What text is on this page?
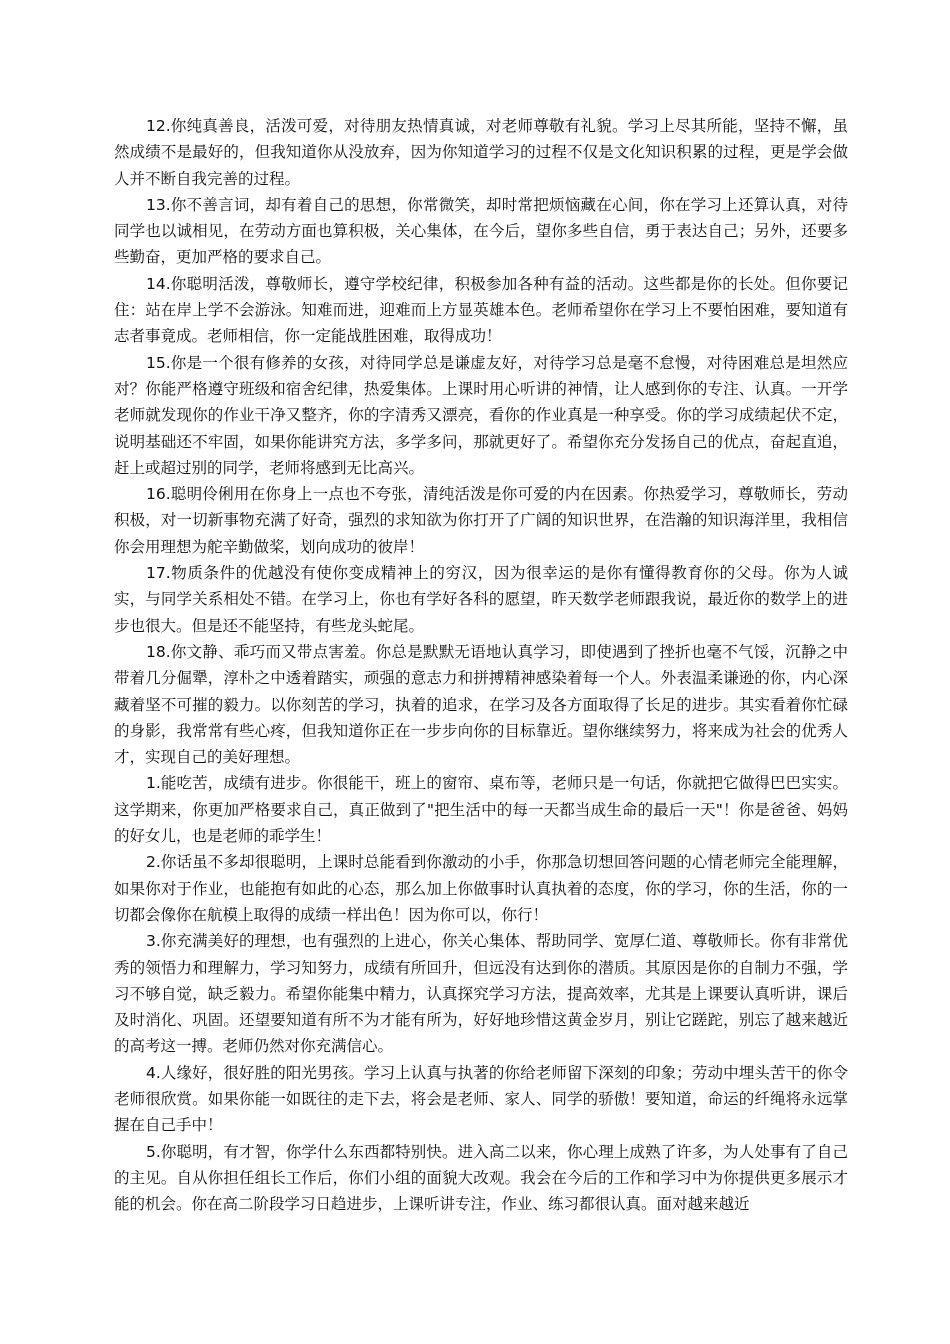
12.你纯真善良，活泼可爱，对待朋友热情真诚，对老师尊敬有礼貌。学习上尽其所能，坚持不懈，虽然成绩不是最好的，但我知道你从没放弃，因为你知道学习的过程不仅是文化知识积累的过程，更是学会做人并不断自我完善的过程。

13.你不善言词，却有着自己的思想，你常微笑，却时常把烦恼藏在心间，你在学习上还算认真，对待同学也以诚相见，在劳动方面也算积极，关心集体，在今后，望你多些自信，勇于表达自己；另外，还要多些勤奋，更加严格的要求自己。

14.你聪明活泼，尊敬师长，遵守学校纪律，积极参加各种有益的活动。这些都是你的长处。但你要记住：站在岸上学不会游泳。知难而进，迎难而上方显英雄本色。老师希望你在学习上不要怕困难，要知道有志者事竟成。老师相信，你一定能战胜困难，取得成功！

15.你是一个很有修养的女孩，对待同学总是谦虚友好，对待学习总是毫不怠慢，对待困难总是坦然应对？你能严格遵守班级和宿舍纪律，热爱集体。上课时用心听讲的神情，让人感到你的专注、认真。一开学老师就发现你的作业干净又整齐，你的字清秀又漂亮，看你的作业真是一种享受。你的学习成绩起伏不定，说明基础还不牢固，如果你能讲究方法，多学多问，那就更好了。希望你充分发扬自己的优点，奋起直追，赶上或超过别的同学，老师将感到无比高兴。

16.聪明伶俐用在你身上一点也不夸张，清纯活泼是你可爱的内在因素。你热爱学习，尊敬师长，劳动积极，对一切新事物充满了好奇，强烈的求知欲为你打开了广阔的知识世界，在浩瀚的知识海洋里，我相信你会用理想为舵辛勤做桨，划向成功的彼岸！

17.物质条件的优越没有使你变成精神上的穷汉，因为很幸运的是你有懂得教育你的父母。你为人诚实，与同学关系相处不错。在学习上，你也有学好各科的愿望，昨天数学老师跟我说，最近你的数学上的进步也很大。但是还不能坚持，有些龙头蛇尾。

18.你文静、乖巧而又带点害羞。你总是默默无语地认真学习，即使遇到了挫折也毫不气馁，沉静之中带着几分倔犟，淳朴之中透着踏实，顽强的意志力和拼搏精神感染着每一个人。外表温柔谦逊的你，内心深藏着坚不可摧的毅力。以你刻苦的学习，执着的追求，在学习及各方面取得了长足的进步。其实看着你忙碌的身影，我常常有些心疼，但我知道你正在一步步向你的目标靠近。望你继续努力，将来成为社会的优秀人才，实现自己的美好理想。

1.能吃苦，成绩有进步。你很能干，班上的窗帘、桌布等，老师只是一句话，你就把它做得巴巴实实。这学期来，你更加严格要求自己，真正做到了"把生活中的每一天都当成生命的最后一天"！你是爸爸、妈妈的好女儿，也是老师的乖学生！

2.你话虽不多却很聪明，上课时总能看到你激动的小手，你那急切想回答问题的心情老师完全能理解，如果你对于作业，也能抱有如此的心态，那么加上你做事时认真执着的态度，你的学习，你的生活，你的一切都会像你在航模上取得的成绩一样出色！因为你可以，你行！

3.你充满美好的理想，也有强烈的上进心，你关心集体、帮助同学、宽厚仁道、尊敬师长。你有非常优秀的领悟力和理解力，学习知努力，成绩有所回升，但远没有达到你的潜质。其原因是你的自制力不强，学习不够自觉，缺乏毅力。希望你能集中精力，认真探究学习方法，提高效率，尤其是上课要认真听讲，课后及时消化、巩固。还望要知道有所不为才能有所为，好好地珍惜这黄金岁月，别让它蹉跎，别忘了越来越近的高考这一搏。老师仍然对你充满信心。

4.人缘好，很好胜的阳光男孩。学习上认真与执著的你给老师留下深刻的印象；劳动中埋头苦干的你令老师很欣赏。如果你能一如既往的走下去，将会是老师、家人、同学的骄傲！要知道，命运的纤绳将永远掌握在自己手中！

5.你聪明，有才智，你学什么东西都特别快。进入高二以来，你心理上成熟了许多，为人处事有了自己的主见。自从你担任组长工作后，你们小组的面貌大改观。我会在今后的工作和学习中为你提供更多展示才能的机会。你在高二阶段学习日趋进步，上课听讲专注，作业、练习都很认真。面对越来越近
